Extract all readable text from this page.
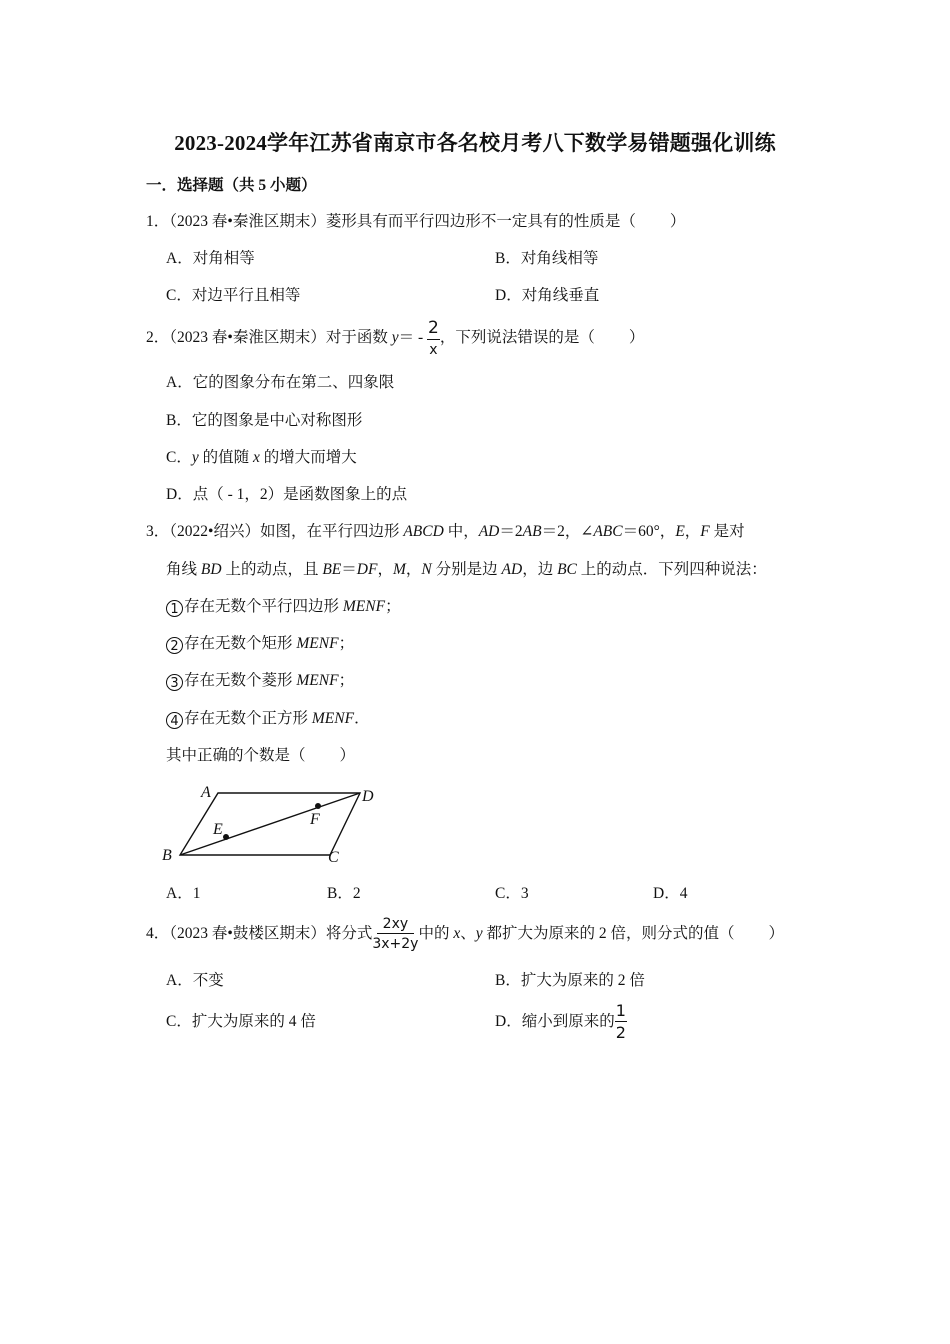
2023-2024学年江苏省南京市各名校月考八下数学易错题强化训练
一．选择题（共 5 小题）
1．（2023 春•秦淮区期末）菱形具有而平行四边形不一定具有的性质是（ ）
A．对角相等	B．对角线相等
C．对边平行且相等	D．对角线垂直
2．（2023 春•秦淮区期末）对于函数 $y= - \frac{2}{x}$ ，下列说法错误的是（ ）
A．它的图象分布在第二、四象限
B．它的图象是中心对称图形
C．y 的值随 x 的增大而增大
D．点（ - 1，2）是函数图象上的点
3．（2022•绍兴）如图，在平行四边形 ABCD 中，AD＝2AB＝2，∠ABC＝60°，E，F 是对
角线 BD 上的动点，且 BE＝DF，M，N 分别是边 AD，边 BC 上的动点．下列四种说法：
1 存在无数个平行四边形 MENF；
2 存在无数个矩形 MENF；
3 存在无数个菱形 MENF；
4 存在无数个正方形 MENF．
其中正确的个数是（ ）
A
B	C
D
E
F
A．1	B．2	C．3	D．4
4．（2023 春•鼓楼区期末）将分式 $\frac{2xy}{3x+2y}$ 中的 x、y 都扩大为原来的 2 倍，则分式的值（ ）
A．不变	B．扩大为原来的 2 倍
C．扩大为原来的 4 倍	D．缩小到原来的 $\frac{1}{2}$
